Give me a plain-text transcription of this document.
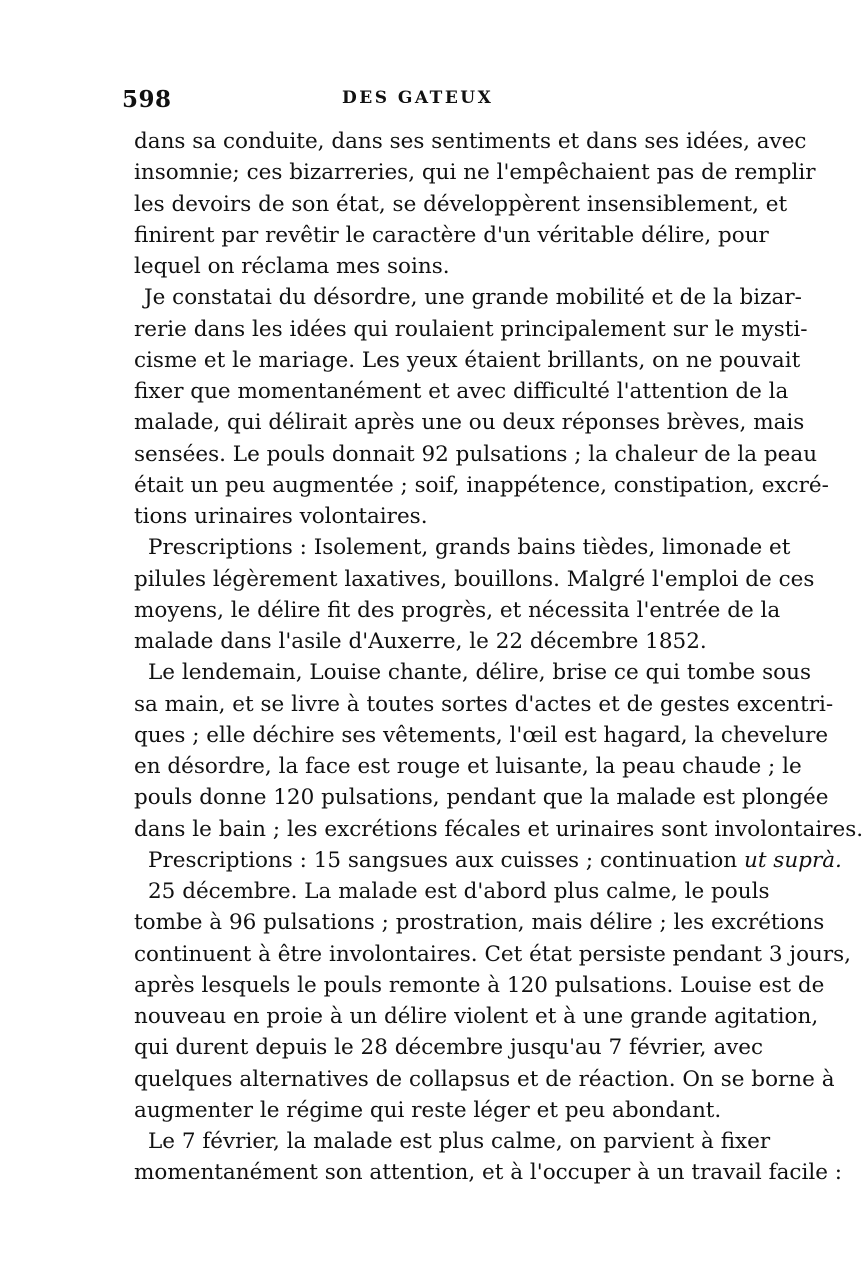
598	DES GATEUX
dans sa conduite, dans ses sentiments et dans ses idées, avec
insomnie; ces bizarreries, qui ne l'empêchaient pas de remplir
les devoirs de son état, se développèrent insensiblement, et
finirent par revêtir le caractère d'un véritable délire, pour
lequel on réclama mes soins.
Je constatai du désordre, une grande mobilité et de la bizar-
rerie dans les idées qui roulaient principalement sur le mysti-
cisme et le mariage. Les yeux étaient brillants, on ne pouvait
fixer que momentanément et avec difficulté l'attention de la
malade, qui délirait après une ou deux réponses brèves, mais
sensées. Le pouls donnait 92 pulsations ; la chaleur de la peau
était un peu augmentée ; soif, inappétence, constipation, excré-
tions urinaires volontaires.
Prescriptions : Isolement, grands bains tièdes, limonade et
pilules légèrement laxatives, bouillons. Malgré l'emploi de ces
moyens, le délire fit des progrès, et nécessita l'entrée de la
malade dans l'asile d'Auxerre, le 22 décembre 1852.
Le lendemain, Louise chante, délire, brise ce qui tombe sous
sa main, et se livre à toutes sortes d'actes et de gestes excentri-
ques ; elle déchire ses vêtements, l'œil est hagard, la chevelure
en désordre, la face est rouge et luisante, la peau chaude ; le
pouls donne 120 pulsations, pendant que la malade est plongée
dans le bain ; les excrétions fécales et urinaires sont involontaires.
Prescriptions : 15 sangsues aux cuisses ; continuation ut suprà.
25 décembre. La malade est d'abord plus calme, le pouls
tombe à 96 pulsations ; prostration, mais délire ; les excrétions
continuent à être involontaires. Cet état persiste pendant 3 jours,
après lesquels le pouls remonte à 120 pulsations. Louise est de
nouveau en proie à un délire violent et à une grande agitation,
qui durent depuis le 28 décembre jusqu'au 7 février, avec
quelques alternatives de collapsus et de réaction. On se borne à
augmenter le régime qui reste léger et peu abondant.
Le 7 février, la malade est plus calme, on parvient à fixer
momentanément son attention, et à l'occuper à un travail facile :
